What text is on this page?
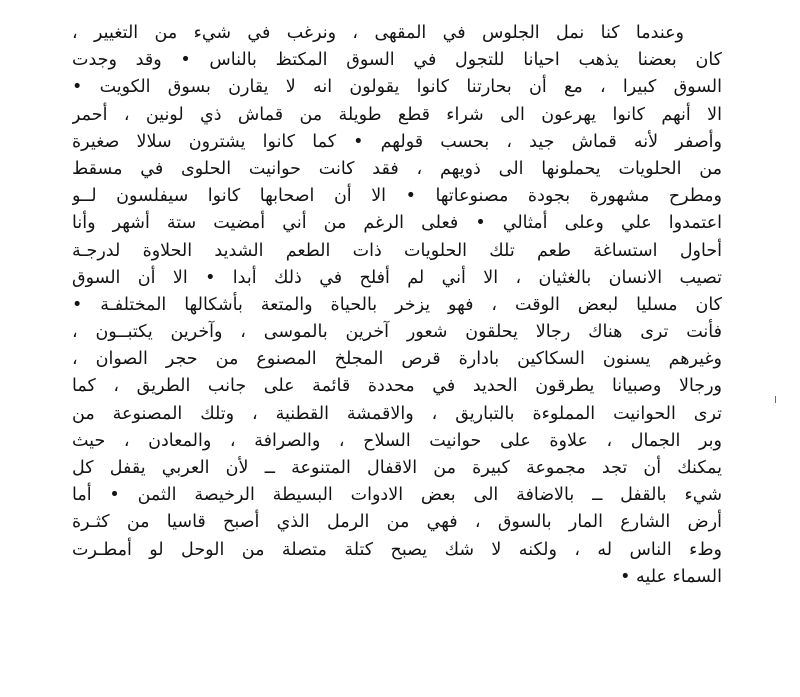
وعندما كنا نمل الجلوس في المقهى ، ونرغب في شيء من التغيير ،
كان بعضنا يذهب احيانا للتجول في السوق المكتظ بالناس • وقد وجدت
السوق كبيرا ، مع أن بحارتنا كانوا يقولون انه لا يقارن بسوق الكويت •
الا أنهم كانوا يهرعون الى شراء قطع طويلة من قماش ذي لونين ، أحمر
وأصفر لأنه قماش جيد ، بحسب قولهم • كما كانوا يشترون سلالا صغيرة
من الحلويات يحملونها الى ذويهم ، فقد كانت حوانيت الحلوى في مسقط
ومطرح مشهورة بجودة مصنوعاتها • الا أن اصحابها كانوا سيفلسون لــو
اعتمدوا علي وعلى أمثالي • فعلى الرغم من أني أمضيت ستة أشهر وأنا
أحاول استساغة طعم تلك الحلويات ذات الطعم الشديد الحلاوة لدرجـة
تصيب الانسان بالغثيان ، الا أني لم أفلح في ذلك أبدا • الا أن السوق
كان مسليا لبعض الوقت ، فهو يزخر بالحياة والمتعة بأشكالها المختلفـة •
فأنت ترى هناك رجالا يحلقون شعور آخرين بالموسى ، وآخرين يكتبــون ،
وغيرهم يسنون السكاكين بادارة قرص المجلخ المصنوع من حجر الصوان ،
ورجالا وصبيانا يطرقون الحديد في محددة قائمة على جانب الطريق ، كما
ترى الحوانيت المملوءة بالتباريق ، والاقمشة القطنية ، وتلك المصنوعة من
وبر الجمال ، علاوة على حوانيت السلاح ، والصرافة ، والمعادن ، حيث
يمكنك أن تجد مجموعة كبيرة من الاقفال المتنوعة ــ لأن العربي يقفل كل
شيء بالقفل ــ بالاضافة الى بعض الادوات البسيطة الرخيصة الثمن • أما
أرض الشارع المار بالسوق ، فهي من الرمل الذي أصبح قاسيا من كثـرة
وطء الناس له ، ولكنه لا شك يصبح كتلة متصلة من الوحل لو أمطـرت
السماء عليه •
